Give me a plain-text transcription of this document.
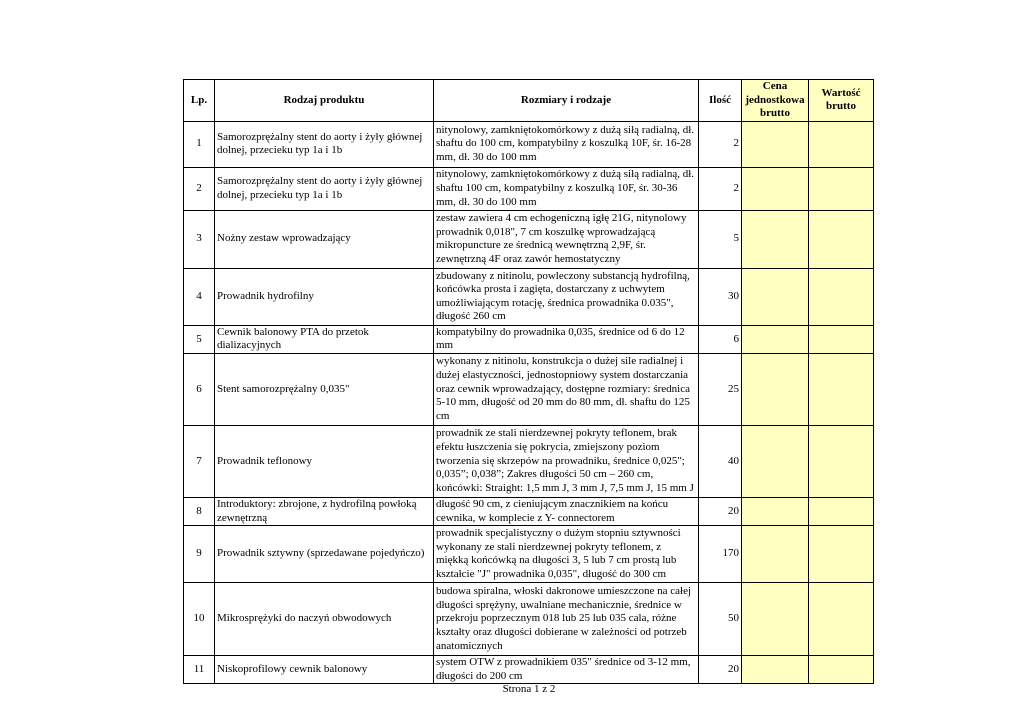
Lp.	Rodzaj produktu	Rozmiary i rodzaje	Ilość	Cena jednostkowa brutto	Wartość brutto
1	Samorozprężalny stent do aorty i żyły głównej dolnej, przecieku typ 1a i 1b	nitynolowy, zamkniętokomórkowy z dużą siłą radialną, dł. shaftu do 100 cm, kompatybilny z koszulką 10F, śr. 16-28 mm, dł. 30 do 100 mm	2		
2	Samorozprężalny stent do aorty i żyły głównej dolnej, przecieku typ 1a i 1b	nitynolowy, zamkniętokomórkowy z dużą siłą radialną, dł. shaftu 100 cm, kompatybilny z koszulką 10F, śr. 30-36 mm, dł. 30 do 100 mm	2		
3	Nożny zestaw wprowadzający	zestaw zawiera 4 cm echogeniczną igłę 21G, nitynolowy prowadnik 0,018", 7 cm koszulkę wprowadzającą mikropuncture ze średnicą wewnętrzną 2,9F, śr. zewnętrzną 4F oraz zawór hemostatyczny	5		
4	Prowadnik hydrofilny	zbudowany z nitinolu, powleczony substancją hydrofilną, końcówka prosta i zagięta, dostarczany z uchwytem umożliwiającym rotację, średnica prowadnika 0.035", długość 260 cm	30		
5	Cewnik balonowy PTA do przetok dializacyjnych	kompatybilny do prowadnika 0,035, średnice od 6 do 12 mm	6		
6	Stent samorozprężalny 0,035"	wykonany z nitinolu, konstrukcja o dużej sile radialnej i dużej elastyczności, jednostopniowy system dostarczania oraz cewnik wprowadzający, dostępne rozmiary: średnica 5-10 mm, długość od 20 mm do 80 mm, dł. shaftu do 125 cm	25		
7	Prowadnik teflonowy	prowadnik ze stali nierdzewnej pokryty teflonem, brak efektu łuszczenia się pokrycia, zmiejszony poziom tworzenia się skrzepów na prowadniku, średnice 0,025"; 0,035”; 0,038”; Zakres długości 50 cm – 260 cm, końcówki: Straight: 1,5 mm J, 3 mm J, 7,5 mm J, 15 mm J	40		
8	Introduktory: zbrojone, z hydrofilną powłoką zewnętrzną	długość 90 cm, z cieniującym znacznikiem na końcu cewnika, w komplecie z Y- connectorem	20		
9	Prowadnik sztywny (sprzedawane pojedyńczo)	prowadnik specjalistyczny o dużym stopniu sztywności wykonany ze stali nierdzewnej pokryty teflonem, z miękką końcówką na długości 3, 5 lub 7 cm prostą lub kształcie "J" prowadnika 0,035", długość do 300 cm	170		
10	Mikrosprężyki do naczyń obwodowych	budowa spiralna, włoski dakronowe umieszczone na całej długości sprężyny, uwalniane mechanicznie, średnice w przekroju poprzecznym 018 lub 25 lub 035 cala, różne kształty oraz długości dobierane w zależności od potrzeb anatomicznych	50		
11	Niskoprofilowy cewnik balonowy	system OTW z prowadnikiem 035" średnice od 3-12 mm, długości do 200 cm	20		
Strona 1 z 2
